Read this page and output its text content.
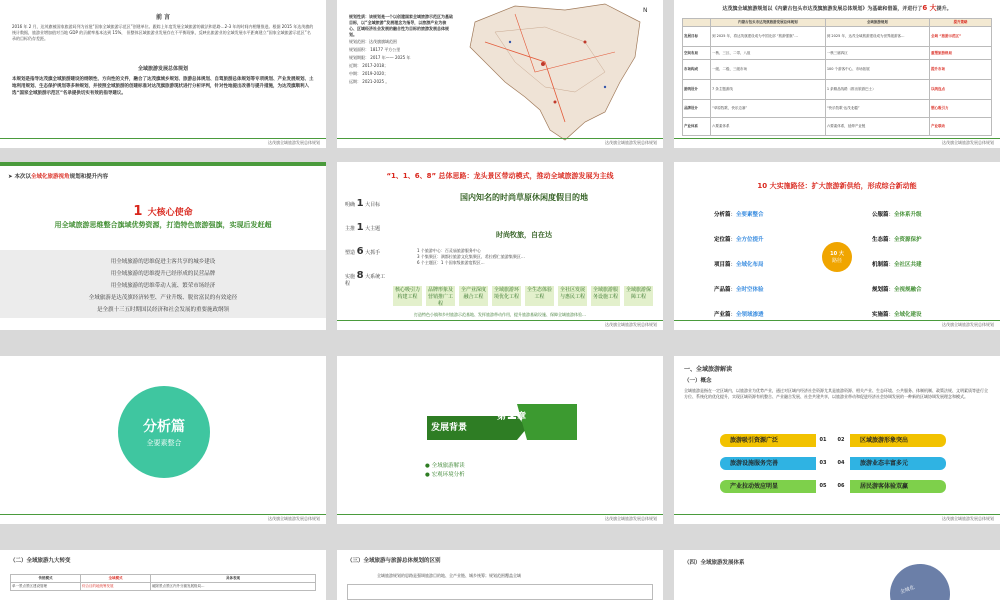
前 言
2016 年 2 月，达茂旗被国家旅游局列为首批“国家全域旅游示范区”创建单位。跟踪上年度发展全域旅游的做法和思路…2-3 年的时间内相继推进。根据 2015 年达茂旗的统计数据，旅游业增加值对当地 GDP 的贡献率基本达到 15%， 但整体区域旅游业发展存在不平衡现象，反映出旅游业的全域发展水平距离建立“国家全域旅游示范区”名录的目标仍存差距。
全域旅游发展总体规划
本规划是指导达茂旗全域旅游建设的纲领性、方向性的文件，融合了达茂旗城乡规划、旅游总体规划、自驾旅游总体规划等专项规划、产业发展规划、土地利用规划、生态保护规划等多种规划，并按照全域旅游的创建标准对达茂旗旅游现状进行分析评判，针对性地提出改善与提升措施，为达茂旗顺利入选“国家全域旅游示范区”名录提供切实有效的指导建议。
达茂旗全域旅游发展总体规划
规划性质：该规划是一个以创建国家全域旅游示范区为基础目标，以“全域旅游”发展理念为指导，以旅游产业为核心、区域经济社会发展的融合性为目标的旅游发展总体规划。
规划范围：达茂旗旗域范围
规划面积： 18177 平方公里
规划期限： 2017 年—— 2025 年
近期： 2017-2018；
中期： 2019-2020；
远期： 2021-2025 。
N
达茂旗全域旅游发展总体规划
达茂旗全域旅游规划以《内蒙古包头市达茂旗旅游发展总体规划》为基础和借鉴，并进行了6 大提升。
	内蒙古包头市达茂旗旅游发展总体规划	全域旅游规划	提升策略
发展目标	到 2025 年，将达茂旗建设成为中国北部 “旅游强旗”…	到 2025 年，达茂全域旅游建设成为世界级游客…	全域 “旅游示范区”
空间布局	一核、三区、二带、八组	一核三廊四区	重塑旅游格局
市场构成	一级、二级、三级市场	100 个游客中心、市场拓展	提升市场
游线设计	7 条主题游线	1 条精品线路（推出旅游巴士）	以线连点
品牌设计	“草原牧歌，快乐边塞”	“快乐牧歌·达茂北疆”	塑心吸引力
产业体系	六要素体系	六要素体系，延伸产业链	产业联动
达茂旗全域旅游发展总体规划
➤ 本次以全域化旅游视角规划和提升内容
1 大核心使命
用全域旅游思维整合旗域优势资源，打造特色旅游强旗，实现后发赶超
用全域旅游的思维促进主客共享的城乡建设
用全域旅游的思维提升已经形成的民营品牌
用全域旅游的思维带动人流、繁荣市场经济
全域旅游是达茂旗经济转型、产业升级、脱贫富民的有效途径
是全旗十三五时期国民经济和社会发展的重要施政纲领
“1、1、6、8” 总体思路：龙头景区带动模式，推动全域旅游发展为主线
明确 1 大目标
主推 1 大主题
塑造 6 大抓手
实施 8 大系统工程
国内知名的时尚草原休闲度假目的地
时尚牧旅，自在达
1 个旅游中心：百灵庙旅游服务中心
3 个集聚区：满都拉旅游文化集聚区、希拉穆仁旅游集聚区…
6 个主题区：1 个国家级旅游度假区…
核心吸引力构建工程
品牌形象及营销推广工程
全产业深度融合工程
全域旅游环境优化工程
全生态体验工程
全社区发展与惠民工程
全域旅游服务设施工程
全域旅游保障工程
打造特色小镇和乡村旅游示范基地、发挥旅游带动作用，提升旅游基础设施、保障全域旅游体验…
达茂旗全域旅游发展总体规划
10 大实施路径：扩大旅游新供给，形成综合新动能
10 大
路径
分析篇：全要素整合
定位篇：全方位提升
项目篇：全域化布局
产品篇：全时空体验
产业篇：全领域渗透
公服篇：全体系升级
生态篇：全资源保护
机制篇：全社区共建
规划篇：全视规融合
实施篇：全域化建设
达茂旗全域旅游发展总体规划
分析篇
全要素整合
达茂旗全域旅游发展总体规划
第1章
发展背景
● 全域旅游解读
● 宏观环境分析
达茂旗全域旅游发展总体规划
一、全域旅游解读
（一）概念
全域旅游是指在一定区域内，以旅游业为优势产业，通过对区域内经济社会资源尤其是旅游资源、相关产业、生态环境、公共服务、体制机制、政策法规、文明素质等进行全方位、系统化的优化提升，实现区域资源有机整合、产业融合发展、社会共建共享，以旅游业带动和促进经济社会协调发展的一种新的区域协调发展理念和模式。
旅游吸引资源广泛	01	02	区域旅游形象突出
旅游设施服务完善	03	04	旅游业态丰富多元
产业拉动效应明显	05	06	居民游客体验双赢
达茂旗全域旅游发展总体规划
（二）全域旅游九大转变
传统模式	全域模式	具体表现
单一景点景区建设管理	综合目的地统筹发展	破除景点景区内外分割发展格局…
（三）全域旅游与旅游总体规划的区别
全域旅游规划的思路是强调旅游目的地、全产业链、城乡统筹；规划范围覆盖全域
（四）全域旅游发展体系
全域化
